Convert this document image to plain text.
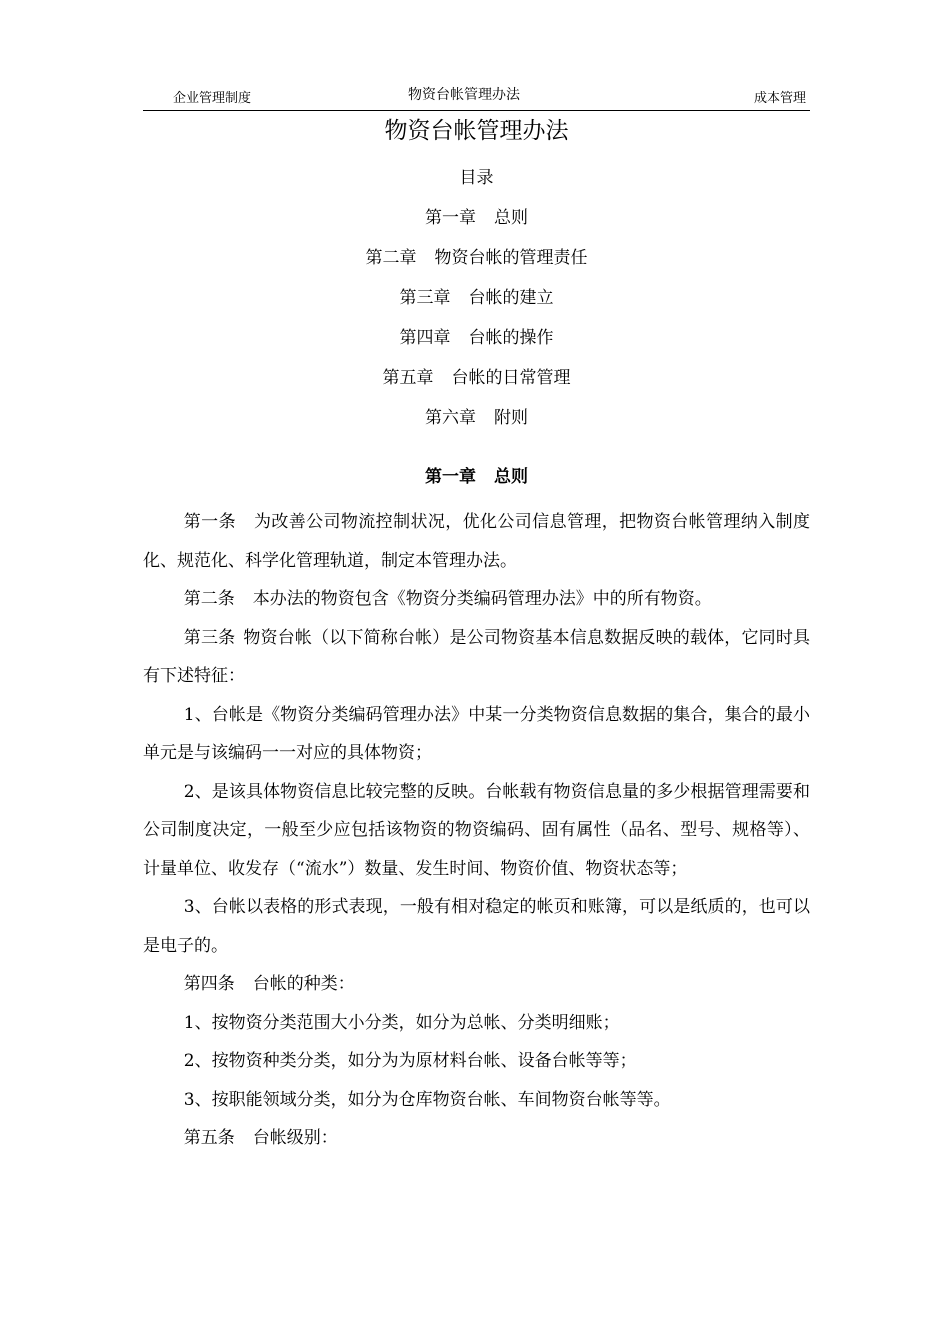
企业管理制度	物资台帐管理办法	成本管理
物资台帐管理办法
目录
第一章 总则
第二章 物资台帐的管理责任
第三章 台帐的建立
第四章 台帐的操作
第五章 台帐的日常管理
第六章 附则
第一章 总则

第一条 为改善公司物流控制状况，优化公司信息管理，把物资台帐管理纳入制度化、规范化、科学化管理轨道，制定本管理办法。

第二条 本办法的物资包含《物资分类编码管理办法》中的所有物资。

第三条 物资台帐（以下简称台帐）是公司物资基本信息数据反映的载体，它同时具有下述特征：

1、台帐是《物资分类编码管理办法》中某一分类物资信息数据的集合，集合的最小单元是与该编码一一对应的具体物资；

2、是该具体物资信息比较完整的反映。台帐载有物资信息量的多少根据管理需要和公司制度决定，一般至少应包括该物资的物资编码、固有属性（品名、型号、规格等）、计量单位、收发存（“流水”）数量、发生时间、物资价值、物资状态等；

3、台帐以表格的形式表现，一般有相对稳定的帐页和账簿，可以是纸质的，也可以是电子的。

第四条 台帐的种类：

1、按物资分类范围大小分类，如分为总帐、分类明细账；

2、按物资种类分类，如分为为原材料台帐、设备台帐等等；

3、按职能领域分类，如分为仓库物资台帐、车间物资台帐等等。

第五条 台帐级别：
